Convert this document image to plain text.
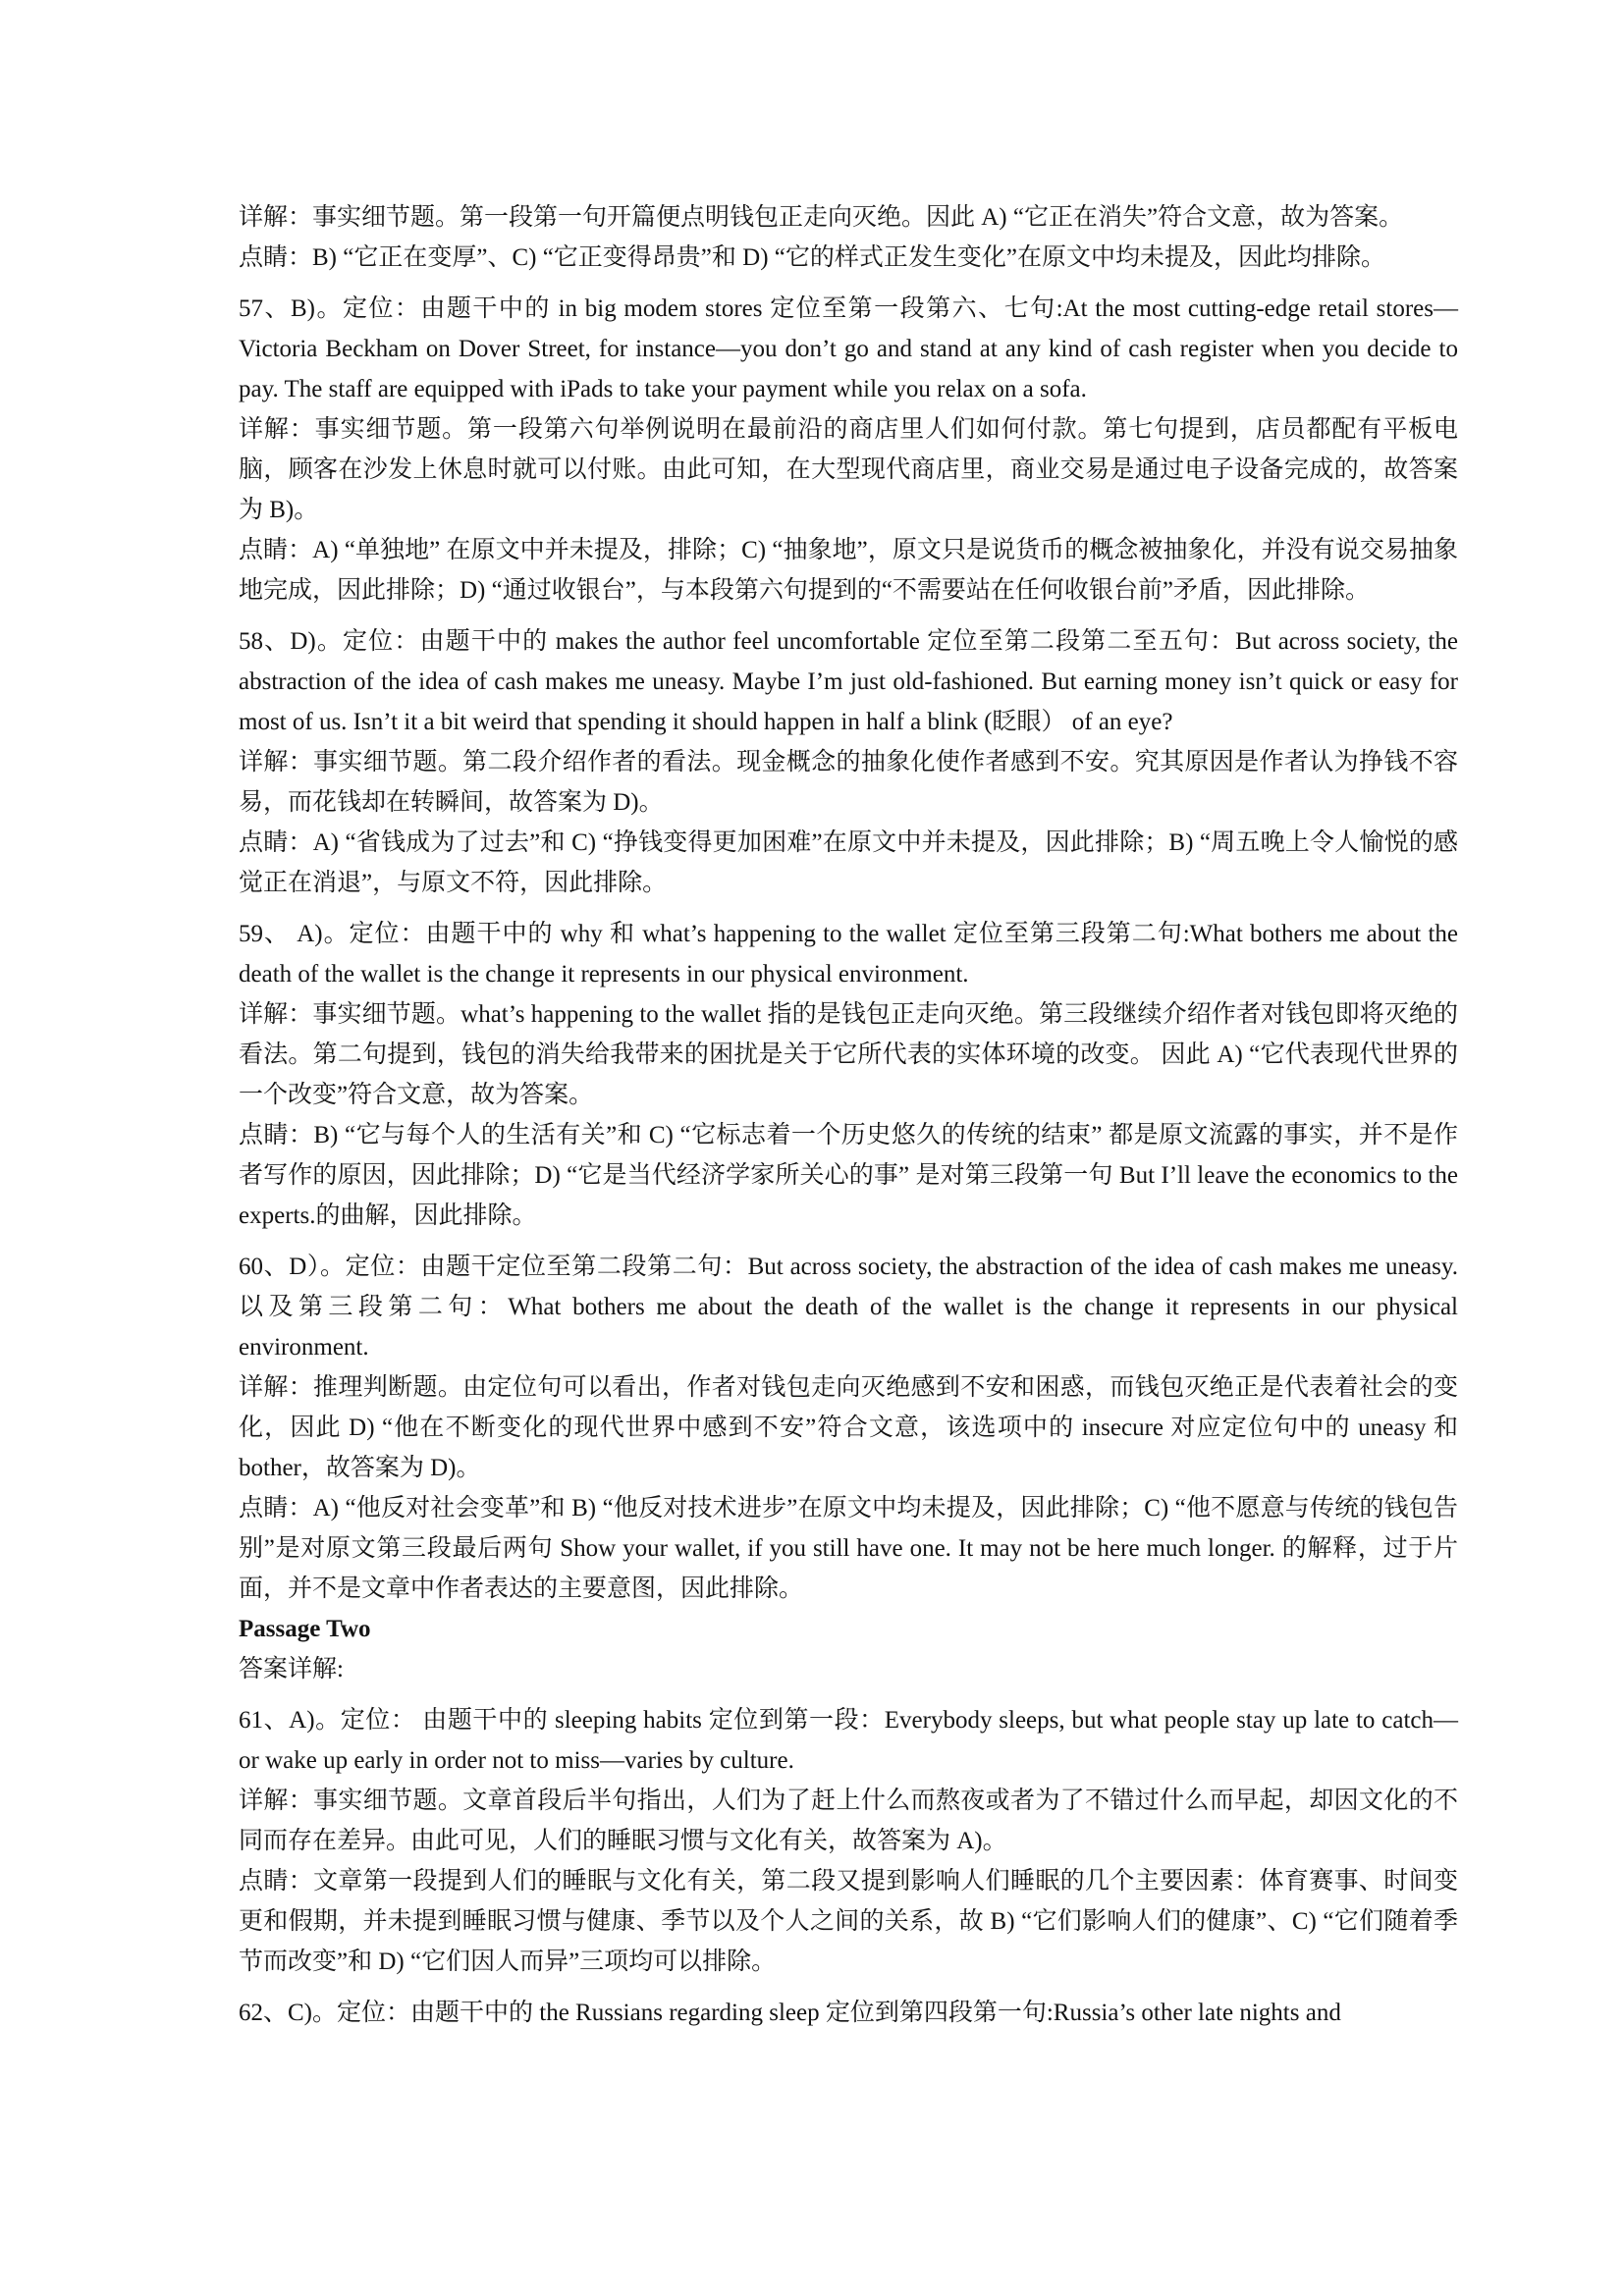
详解：事实细节题。第一段第一句开篇便点明钱包正走向灭绝。因此 A) “它正在消失”符合文意，故为答案。

点睛：B) “它正在变厚”、C) “它正变得昂贵”和 D) “它的样式正发生变化”在原文中均未提及，因此均排除。

57、B)。定位：由题干中的 in big modem stores 定位至第一段第六、七句:At the most cutting-edge retail stores—Victoria Beckham on Dover Street, for instance—you don’t go and stand at any kind of cash register when you decide to pay. The staff are equipped with iPads to take your payment while you relax on a sofa.

详解：事实细节题。第一段第六句举例说明在最前沿的商店里人们如何付款。第七句提到，店员都配有平板电脑，顾客在沙发上休息时就可以付账。由此可知，在大型现代商店里，商业交易是通过电子设备完成的，故答案为 B)。

点睛：A) “单独地” 在原文中并未提及，排除；C) “抽象地”，原文只是说货币的概念被抽象化，并没有说交易抽象地完成，因此排除；D) “通过收银台”，与本段第六句提到的“不需要站在任何收银台前”矛盾，因此排除。

58、D)。定位：由题干中的 makes the author feel uncomfortable 定位至第二段第二至五句：But across society, the abstraction of the idea of cash makes me uneasy. Maybe I’m just old-fashioned. But earning money isn’t quick or easy for most of us. Isn’t it a bit weird that spending it should happen in half a blink (眨眼） of an eye?

详解：事实细节题。第二段介绍作者的看法。现金概念的抽象化使作者感到不安。究其原因是作者认为挣钱不容易，而花钱却在转瞬间，故答案为 D)。

点睛：A) “省钱成为了过去”和 C) “挣钱变得更加困难”在原文中并未提及，因此排除；B) “周五晚上令人愉悦的感觉正在消退”，与原文不符，因此排除。

59、 A)。定位：由题干中的 why 和 what’s happening to the wallet 定位至第三段第二句:What bothers me about the death of the wallet is the change it represents in our physical environment.

详解：事实细节题。what’s happening to the wallet 指的是钱包正走向灭绝。第三段继续介绍作者对钱包即将灭绝的看法。第二句提到，钱包的消失给我带来的困扰是关于它所代表的实体环境的改变。 因此 A) “它代表现代世界的一个改变”符合文意，故为答案。

点睛：B) “它与每个人的生活有关”和 C) “它标志着一个历史悠久的传统的结束” 都是原文流露的事实，并不是作者写作的原因，因此排除；D) “它是当代经济学家所关心的事” 是对第三段第一句 But I’ll leave the economics to the experts.的曲解，因此排除。

60、D）。定位：由题干定位至第二段第二句：But across society, the abstraction of the idea of cash makes me uneasy.以及第三段第二句：What bothers me about the death of the wallet is the change it represents in our physical environment.

详解：推理判断题。由定位句可以看出，作者对钱包走向灭绝感到不安和困惑，而钱包灭绝正是代表着社会的变化，因此 D) “他在不断变化的现代世界中感到不安”符合文意，该选项中的 insecure 对应定位句中的 uneasy 和 bother，故答案为 D)。

点睛：A) “他反对社会变革”和 B) “他反对技术进步”在原文中均未提及，因此排除；C) “他不愿意与传统的钱包告别”是对原文第三段最后两句 Show your wallet, if you still have one. It may not be here much longer. 的解释，过于片面，并不是文章中作者表达的主要意图，因此排除。

Passage Two

答案详解:

61、A)。定位： 由题干中的 sleeping habits 定位到第一段：Everybody sleeps, but what people stay up late to catch—or wake up early in order not to miss—varies by culture.

详解：事实细节题。文章首段后半句指出，人们为了赶上什么而熬夜或者为了不错过什么而早起，却因文化的不同而存在差异。由此可见，人们的睡眠习惯与文化有关，故答案为 A)。

点睛：文章第一段提到人们的睡眠与文化有关，第二段又提到影响人们睡眠的几个主要因素：体育赛事、时间变更和假期，并未提到睡眠习惯与健康、季节以及个人之间的关系，故 B) “它们影响人们的健康”、C) “它们随着季节而改变”和 D) “它们因人而异”三项均可以排除。

62、C)。定位：由题干中的 the Russians regarding sleep 定位到第四段第一句:Russia’s other late nights and
